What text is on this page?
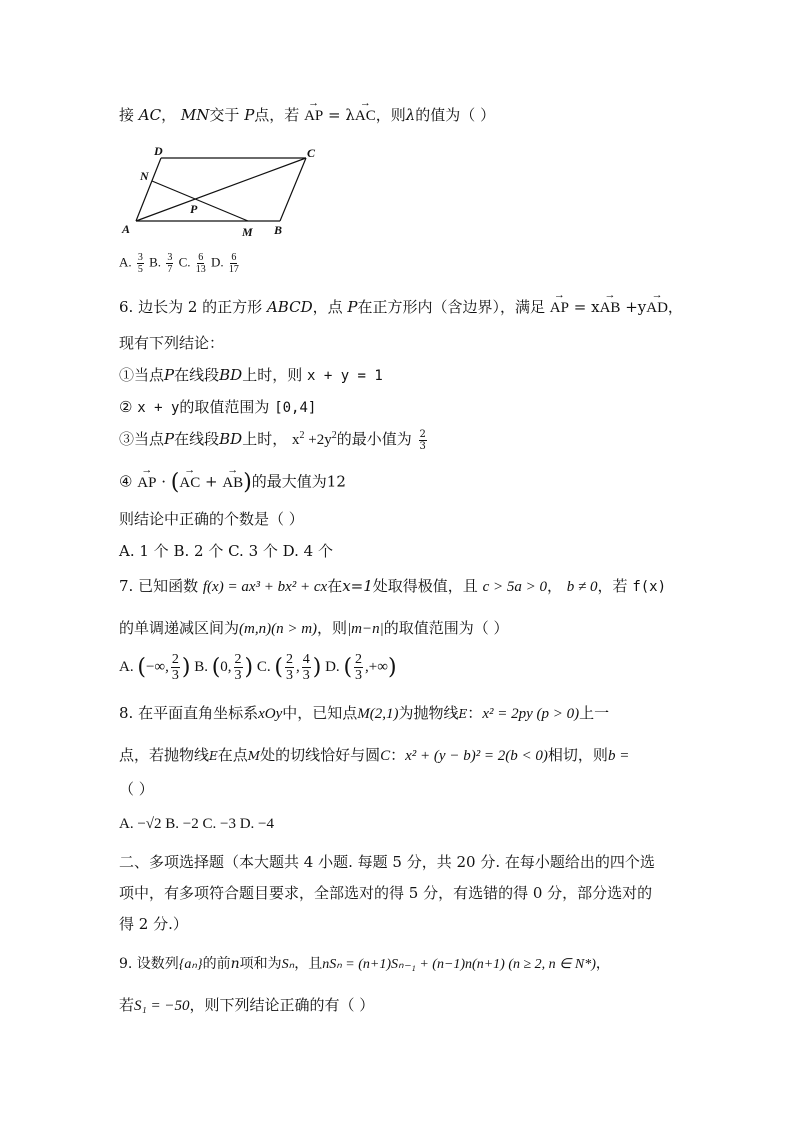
接 AC， MN交于 P点，若 → AP = λ→ AC，则λ的值为（ ）
A	B
C
D
M
N
P
A. $\frac{3}{5} B$. $\frac{3}{7} C$. $\frac{6}{13} D$. $\frac{6}{17}$
6. 边长为 2 的正方形 ABCD，点 P在正方形内（含边界），满足 → AP = x→ AB +y→ AD，
现有下列结论：
①当点P在线段BD上时，则 x + y = 1
② x + y的取值范围为 [0,4]
③当点P在线段BD上时， $x^2 +2y^2$的最小值为 $\frac{2}{3}$
④ → AP · (→ AC + → AB)的最大值为12
则结论中正确的个数是（ ）
A. 1 个 B. 2 个 C. 3 个 D. 4 个
7. 已知函数 f(x) = ax³ + bx² + cx在x=1处取得极值，且 c > 5a > 0， b ≠ 0，若 f(x)
的单调递减区间为(m,n)(n > m)，则|m−n|的取值范围为（ ）
A. (−∞, $\frac{2}{3}$ ) B. (0, $\frac{2}{3}$ ) C. ( $\frac{2}{3}$ , $\frac{4}{3}$ ) D. ( $\frac{2}{3}$ ,+∞)
8. 在平面直角坐标系xOy中，已知点M(2,1)为抛物线E：x² = 2py (p > 0)上一
点，若抛物线E在点M处的切线恰好与圆C：x² + (y − b)² = 2(b < 0)相切，则b =
（ ）
A. −√2 B. −2 C. −3 D. −4
二、多项选择题（本大题共 4 小题. 每题 5 分，共 20 分. 在每小题给出的四个选
项中，有多项符合题目要求，全部选对的得 5 分，有选错的得 0 分，部分选对的
得 2 分.）
9. 设数列{aₙ}的前n项和为Sₙ，且nSₙ = (n+1)Sₙ₋₁ + (n−1)n(n+1) (n ≥ 2, n ∈ N*)，
若S₁ = −50，则下列结论正确的有（ ）
